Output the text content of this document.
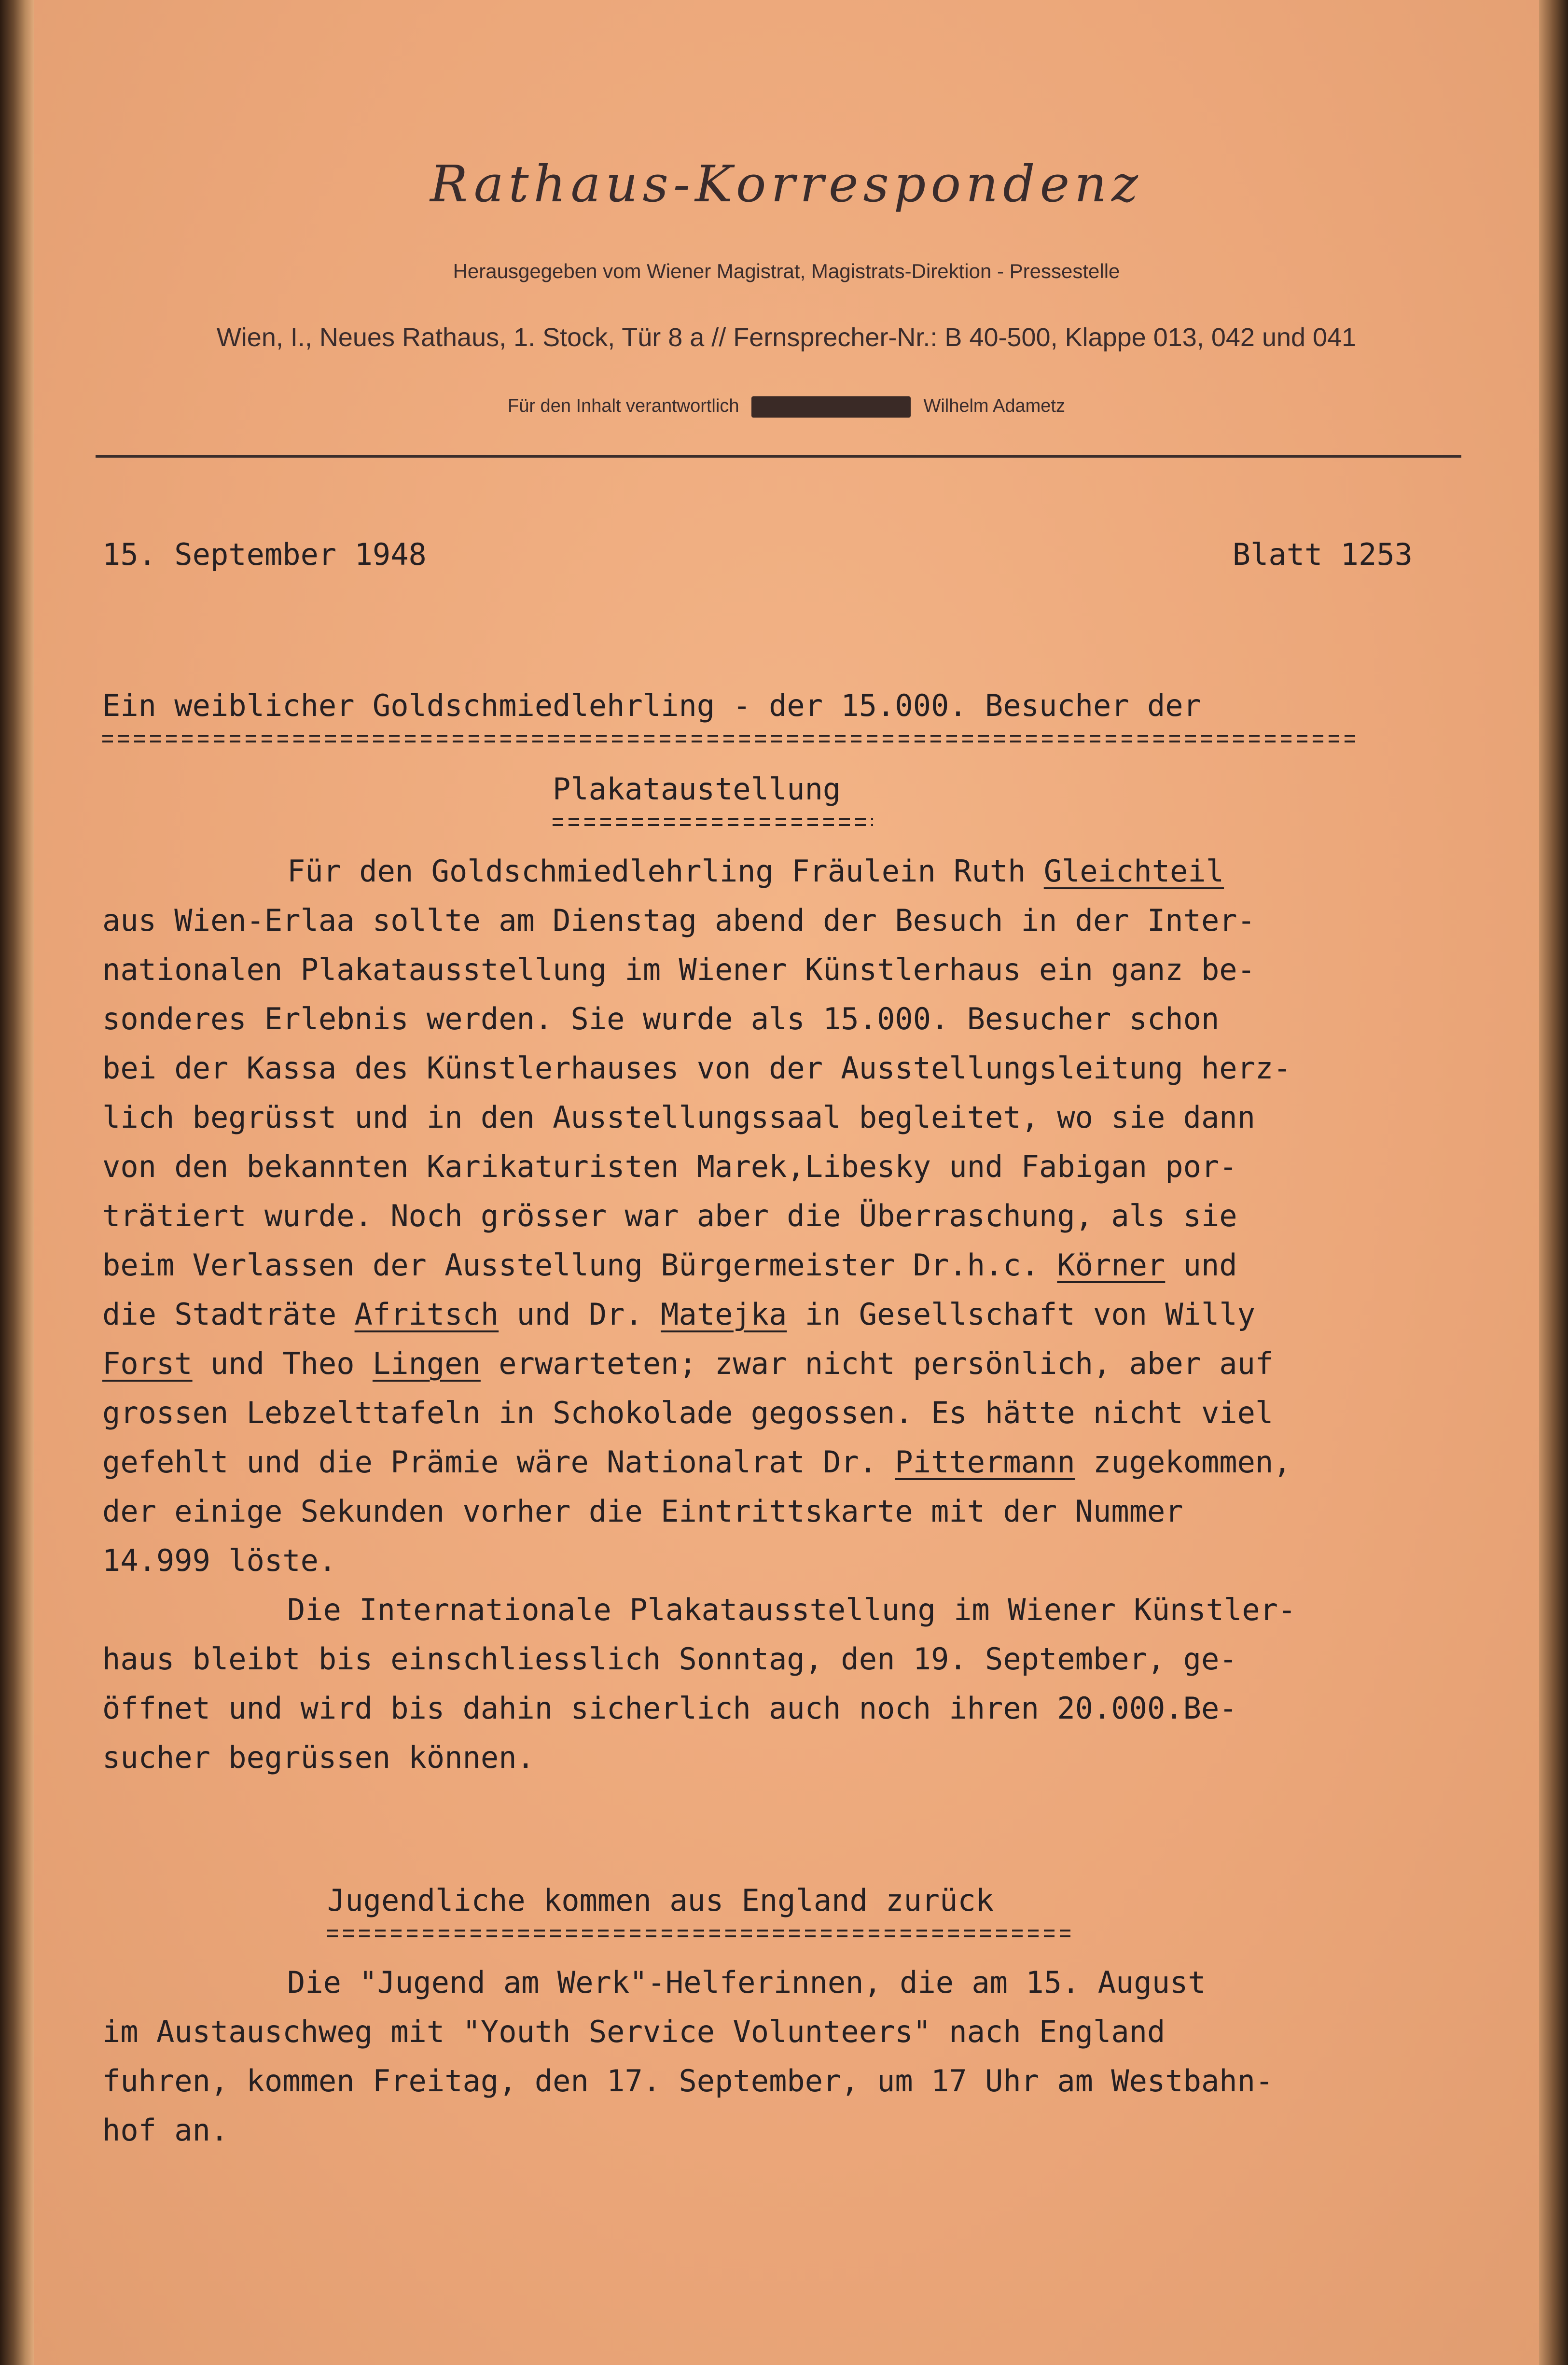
Rathaus-Korrespondenz
Herausgegeben vom Wiener Magistrat, Magistrats-Direktion - Pressestelle
Wien, I., Neues Rathaus, 1. Stock, Tür 8 a // Fernsprecher-Nr.: B 40-500, Klappe 013, 042 und 041
Für den Inhalt verantwortlich	Wilhelm Adametz
15. September 1948	Blatt 1253
Ein weiblicher Goldschmiedlehrling - der 15.000. Besucher der
Plakataustellung
Für den Goldschmiedlehrling Fräulein Ruth Gleichteil
aus Wien-Erlaa sollte am Dienstag abend der Besuch in der Inter-
nationalen Plakatausstellung im Wiener Künstlerhaus ein ganz be-
sonderes Erlebnis werden. Sie wurde als 15.000. Besucher schon
bei der Kassa des Künstlerhauses von der Ausstellungsleitung herz-
lich begrüsst und in den Ausstellungssaal begleitet, wo sie dann
von den bekannten Karikaturisten Marek,Libesky und Fabigan por-
trätiert wurde. Noch grösser war aber die Überraschung, als sie
beim Verlassen der Ausstellung Bürgermeister Dr.h.c. Körner und
die Stadträte Afritsch und Dr. Matejka in Gesellschaft von Willy
Forst und Theo Lingen erwarteten; zwar nicht persönlich, aber auf
grossen Lebzelttafeln in Schokolade gegossen. Es hätte nicht viel
gefehlt und die Prämie wäre Nationalrat Dr. Pittermann zugekommen,
der einige Sekunden vorher die Eintrittskarte mit der Nummer
14.999 löste.
Die Internationale Plakatausstellung im Wiener Künstler-
haus bleibt bis einschliesslich Sonntag, den 19. September, ge-
öffnet und wird bis dahin sicherlich auch noch ihren 20.000.Be-
sucher begrüssen können.
Jugendliche kommen aus England zurück
Die "Jugend am Werk"-Helferinnen, die am 15. August
im Austauschweg mit "Youth Service Volunteers" nach England
fuhren, kommen Freitag, den 17. September, um 17 Uhr am Westbahn-
hof an.
